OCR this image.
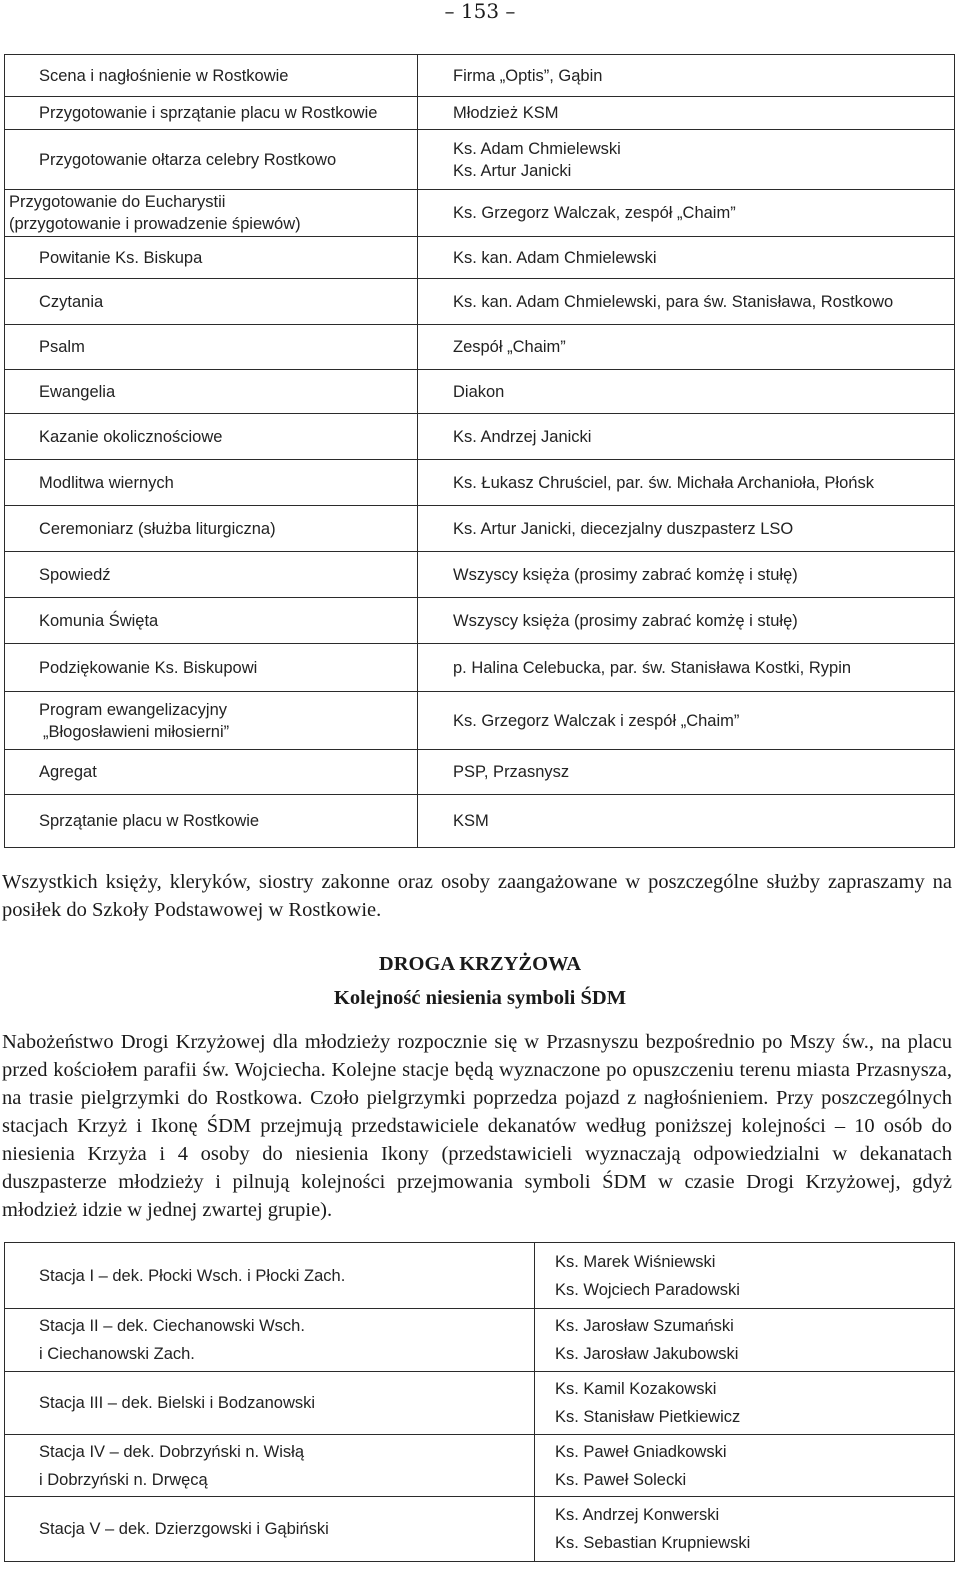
– 153 –
Scena i nagłośnienie w Rostkowie	Firma „Optis”, Gąbin
Przygotowanie i sprzątanie placu w Rostkowie	Młodzież KSM
Przygotowanie ołtarza celebry Rostkowo	Ks. Adam Chmielewski
Ks. Artur Janicki

Przygotowanie do Eucharystii
(przygotowanie i prowadzenie śpiewów)	Ks. Grzegorz Walczak, zespół „Chaim”
Powitanie Ks. Biskupa	Ks. kan. Adam Chmielewski
Czytania	Ks. kan. Adam Chmielewski, para św. Stanisława, Rostkowo
Psalm	Zespół „Chaim”
Ewangelia	Diakon
Kazanie okolicznościowe	Ks. Andrzej Janicki
Modlitwa wiernych	Ks. Łukasz Chruściel, par. św. Michała Archanioła, Płońsk
Ceremoniarz (służba liturgiczna)	Ks. Artur Janicki, diecezjalny duszpasterz LSO
Spowiedź	Wszyscy księża (prosimy zabrać komżę i stułę)
Komunia Święta	Wszyscy księża (prosimy zabrać komżę i stułę)
Podziękowanie Ks. Biskupowi	p. Halina Celebucka, par. św. Stanisława Kostki, Rypin

Program ewangelizacyjny
„Błogosławieni miłosierni”	Ks. Grzegorz Walczak i zespół „Chaim”
Agregat	PSP, Przasnysz
Sprzątanie placu w Rostkowie	KSM

Wszystkich księży, kleryków, siostry zakonne oraz osoby zaangażowane w poszczególne służby zapraszamy na posiłek do Szkoły Podstawowej w Rostkowie.

DROGA KRZYŻOWA

Kolejność niesienia symboli ŚDM

Nabożeństwo Drogi Krzyżowej dla młodzieży rozpocznie się w Przasnyszu bezpośrednio po Mszy św., na placu przed kościołem parafii św. Wojciecha. Kolejne stacje będą wyznaczone po opuszczeniu terenu miasta Przasnysza, na trasie pielgrzymki do Rostkowa. Czoło pielgrzymki poprzedza pojazd z nagłośnieniem. Przy poszczególnych stacjach Krzyż i Ikonę ŚDM przejmują przedstawiciele dekanatów według poniższej kolejności – 10 osób do niesienia Krzyża i 4 osoby do niesienia Ikony (przedstawicieli wyznaczają odpowiedzialni w dekanatach duszpasterze młodzieży i pilnują kolejności przejmowania symboli ŚDM w czasie Drogi Krzyżowej, gdyż młodzież idzie w jednej zwartej grupie).

Stacja I – dek. Płocki Wsch. i Płocki Zach.	Ks. Marek Wiśniewski
Ks. Wojciech Paradowski

Stacja II – dek. Ciechanowski Wsch.
i Ciechanowski Zach.	Ks. Jarosław Szumański
Ks. Jarosław Jakubowski

Stacja III – dek. Bielski i Bodzanowski	Ks. Kamil Kozakowski
Ks. Stanisław Pietkiewicz

Stacja IV – dek. Dobrzyński n. Wisłą
i Dobrzyński n. Drwęcą	Ks. Paweł Gniadkowski
Ks. Paweł Solecki

Stacja V – dek. Dzierzgowski i Gąbiński	Ks. Andrzej Konwerski
Ks. Sebastian Krupniewski
